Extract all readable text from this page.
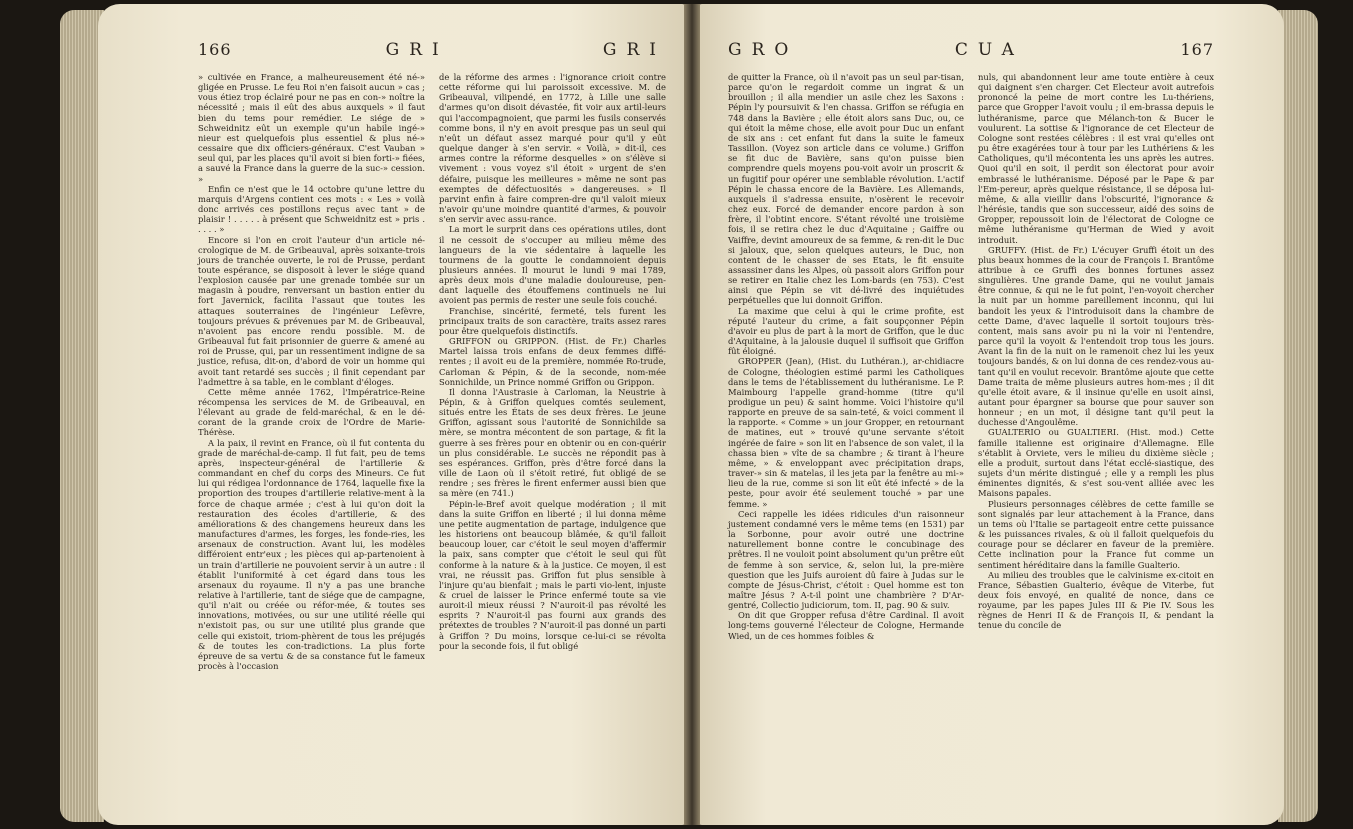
166	GRI	GRI

» cultivée en France, a malheureusement été né-» gligée en Prusse. Le feu Roi n'en faisoit aucun » cas ; vous étiez trop éclairé pour ne pas en con-» noître la nécessité ; mais il eût des abus auxquels » il faut bien du tems pour remédier. Le siége de » Schweidnitz eût un exemple qu'un habile ingé-» nieur est quelquefois plus essentiel & plus né-» cessaire que dix officiers-généraux. C'est Vauban » seul qui, par les places qu'il avoit si bien forti-» fiées, a sauvé la France dans la guerre de la suc-» cession. »

Enfin ce n'est que le 14 octobre qu'une lettre du marquis d'Argens contient ces mots : « Les » voilà donc arrivés ces postillons reçus avec tant » de plaisir ! . . . . . à présent que Schweidnitz est » pris . . . . . »

Encore si l'on en croit l'auteur d'un article né-crologique de M. de Gribeauval, après soixante-trois jours de tranchée ouverte, le roi de Prusse, perdant toute espérance, se disposoit à lever le siége quand l'explosion causée par une grenade tombée sur un magasin à poudre, renversant un bastion entier du fort Javernick, facilita l'assaut que toutes les attaques souterraines de l'ingénieur Lefèvre, toujours prévues & prévenues par M. de Gribeauval, n'avoient pas encore rendu possible. M. de Gribeauval fut fait prisonnier de guerre & amené au roi de Prusse, qui, par un ressentiment indigne de sa justice, refusa, dit-on, d'abord de voir un homme qui avoit tant retardé ses succès ; il finit cependant par l'admettre à sa table, en le comblant d'éloges.

Cette même année 1762, l'Impératrice-Reine récompensa les services de M. de Gribeauval, en l'élevant au grade de feld-maréchal, & en le dé-corant de la grande croix de l'Ordre de Marie-Thérèse.

A la paix, il revint en France, où il fut contenta du grade de maréchal-de-camp. Il fut fait, peu de tems après, inspecteur-général de l'artillerie & commandant en chef du corps des Mineurs. Ce fut lui qui rédigea l'ordonnance de 1764, laquelle fixe la proportion des troupes d'artillerie relative-ment à la force de chaque armée ; c'est à lui qu'on doit la restauration des écoles d'artillerie, & des améliorations & des changemens heureux dans les manufactures d'armes, les forges, les fonde-ries, les arsenaux de construction. Avant lui, les modèles différoient entr'eux ; les pièces qui ap-partenoient à un train d'artillerie ne pouvoient servir à un autre : il établit l'uniformité à cet égard dans tous les arsenaux du royaume. Il n'y a pas une branche relative à l'artillerie, tant de siége que de campagne, qu'il n'ait ou créée ou réfor-mée, & toutes ses innovations, motivées, ou sur une utilité réelle qui n'existoit pas, ou sur une utilité plus grande que celle qui existoit, triom-phèrent de tous les préjugés & de toutes les con-tradictions. La plus forte épreuve de sa vertu & de sa constance fut le fameux procès à l'occasion

de la réforme des armes : l'ignorance crioit contre cette réforme qui lui paroissoit excessive. M. de Gribeauval, vilipendé, en 1772, à Lille une salle d'armes qu'on disoit dévastée, fit voir aux artil-leurs qui l'accompagnoient, que parmi les fusils conservés comme bons, il n'y en avoit presque pas un seul qui n'eût un défaut assez marqué pour qu'il y eût quelque danger à s'en servir. « Voilà, » dit-il, ces armes contre la réforme desquelles » on s'élève si vivement : vous voyez s'il étoit » urgent de s'en défaire, puisque les meilleures » même ne sont pas exemptes de défectuosités » dangereuses. » Il parvint enfin à faire compren-dre qu'il valoit mieux n'avoir qu'une moindre quantité d'armes, & pouvoir s'en servir avec assu-rance.

La mort le surprit dans ces opérations utiles, dont il ne cessoit de s'occuper au milieu même des langueurs de la vie sédentaire à laquelle les tourmens de la goutte le condamnoient depuis plusieurs années. Il mourut le lundi 9 mai 1789, après deux mois d'une maladie douloureuse, pen-dant laquelle des étouffemens continuels ne lui avoient pas permis de rester une seule fois couché.

Franchise, sincérité, fermeté, tels furent les principaux traits de son caractère, traits assez rares pour être quelquefois distinctifs.

GRIFFON ou GRIPPON. (Hist. de Fr.) Charles Martel laissa trois enfans de deux femmes diffé-rentes ; il avoit eu de la première, nommée Ro-trude, Carloman & Pépin, & de la seconde, nom-mée Sonnichilde, un Prince nommé Griffon ou Grippon.

Il donna l'Austrasie à Carloman, la Neustrie à Pépin, & à Griffon quelques comtés seulement, situés entre les États de ses deux frères. Le jeune Griffon, agissant sous l'autorité de Sonnichilde sa mère, se montra mécontent de son partage, & fit la guerre à ses frères pour en obtenir ou en con-quérir un plus considérable. Le succès ne répondit pas à ses espérances. Griffon, près d'être forcé dans la ville de Laon où il s'étoit retiré, fut obligé de se rendre ; ses frères le firent enfermer aussi bien que sa mère (en 741.)

Pépin-le-Bref avoit quelque modération ; il mit dans la suite Griffon en liberté ; il lui donna même une petite augmentation de partage, indulgence que les historiens ont beaucoup blâmée, & qu'il falloit beaucoup louer, car c'étoit le seul moyen d'affermir la paix, sans compter que c'étoit le seul qui fût conforme à la nature & à la justice. Ce moyen, il est vrai, ne réussit pas. Griffon fut plus sensible à l'injure qu'au bienfait ; mais le parti vio-lent, injuste & cruel de laisser le Prince enfermé toute sa vie auroit-il mieux réussi ? N'auroit-il pas révolté les esprits ? N'auroit-il pas fourni aux grands des prétextes de troubles ? N'auroit-il pas donné un parti à Griffon ? Du moins, lorsque ce-lui-ci se révolta pour la seconde fois, il fut obligé

GRO	CUA	167

de quitter la France, où il n'avoit pas un seul par-tisan, parce qu'on le regardoit comme un ingrat & un brouillon ; il alla mendier un asile chez les Saxons : Pépin l'y poursuivit & l'en chassa. Griffon se réfugia en 748 dans la Bavière ; elle étoit alors sans Duc, ou, ce qui étoit la même chose, elle avoit pour Duc un enfant de six ans : cet enfant fut dans la suite le fameux Tassillon. (Voyez son article dans ce volume.) Griffon se fit duc de Bavière, sans qu'on puisse bien comprendre quels moyens pou-voit avoir un proscrit & un fugitif pour opérer une semblable révolution. L'actif Pépin le chassa encore de la Bavière. Les Allemands, auxquels il s'adressa ensuite, n'osèrent le recevoir chez eux. Forcé de demander encore pardon à son frère, il l'obtint encore. S'étant révolté une troisième fois, il se retira chez le duc d'Aquitaine ; Gaiffre ou Vaiffre, devint amoureux de sa femme, & ren-dit le Duc si jaloux, que, selon quelques auteurs, le Duc, non content de le chasser de ses Etats, le fit ensuite assassiner dans les Alpes, où passoit alors Griffon pour se retirer en Italie chez les Lom-bards (en 753). C'est ainsi que Pépin se vit dé-livré des inquiétudes perpétuelles que lui donnoit Griffon.

La maxime que celui à qui le crime profite, est réputé l'auteur du crime, a fait soupçonner Pépin d'avoir eu plus de part à la mort de Griffon, que le duc d'Aquitaine, à la jalousie duquel il suffisoit que Griffon fût éloigné.

GROPPER (Jean), (Hist. du Luthéran.), ar-chidiacre de Cologne, théologien estimé parmi les Catholiques dans le tems de l'établissement du luthéranisme. Le P. Maimbourg l'appelle grand-homme (titre qu'il prodigue un peu) & saint homme. Voici l'histoire qu'il rapporte en preuve de sa sain-teté, & voici comment il la rapporte. « Comme » un jour Gropper, en retournant de matines, eut » trouvé qu'une servante s'étoit ingérée de faire » son lit en l'absence de son valet, il la chassa bien » vîte de sa chambre ; & tirant à l'heure même, » & enveloppant avec précipitation draps, traver-» sin & matelas, il les jeta par la fenêtre au mi-» lieu de la rue, comme si son lit eût été infecté » de la peste, pour avoir été seulement touché » par une femme. »

Ceci rappelle les idées ridicules d'un raisonneur justement condamné vers le même tems (en 1531) par la Sorbonne, pour avoir outré une doctrine naturellement bonne contre le concubinage des prêtres. Il ne vouloit point absolument qu'un prêtre eût de femme à son service, &, selon lui, la pre-mière question que les Juifs auroient dû faire à Judas sur le compte de Jésus-Christ, c'étoit : Quel homme est ton maître Jésus ? A-t-il point une chambrière ? D'Ar-gentré, Collectio judiciorum, tom. II, pag. 90 & suiv.

On dit que Gropper refusa d'être Cardinal. Il avoit long-tems gouverné l'électeur de Cologne, Hermande Wied, un de ces hommes foibles &

nuls, qui abandonnent leur ame toute entière à ceux qui daignent s'en charger. Cet Electeur avoit autrefois prononcé la peine de mort contre les Lu-thériens, parce que Gropper l'avoit voulu ; il em-brassa depuis le luthéranisme, parce que Mélanch-ton & Bucer le voulurent. La sottise & l'ignorance de cet Electeur de Cologne sont restées célèbres : il est vrai qu'elles ont pu être exagérées tour à tour par les Luthériens & les Catholiques, qu'il mécontenta les uns après les autres. Quoi qu'il en soit, il perdit son électorat pour avoir embrassé le luthéranisme. Déposé par le Pape & par l'Em-pereur, après quelque résistance, il se déposa lui-même, & alla vieillir dans l'obscurité, l'ignorance & l'hérésie, tandis que son successeur, aidé des soins de Gropper, repoussoit loin de l'électorat de Cologne ce même luthéranisme qu'Herman de Wied y avoit introduit.

GRUFFY. (Hist. de Fr.) L'écuyer Gruffi étoit un des plus beaux hommes de la cour de François I. Brantôme attribue à ce Gruffi des bonnes fortunes assez singulières. Une grande Dame, qui ne voulut jamais être connue, & qui ne le fut point, l'en-voyoit chercher la nuit par un homme pareillement inconnu, qui lui bandoit les yeux & l'introduisoit dans la chambre de cette Dame, d'avec laquelle il sortoit toujours très-content, mais sans avoir pu ni la voir ni l'entendre, parce qu'il la voyoit & l'entendoit trop tous les jours. Avant la fin de la nuit on le ramenoit chez lui les yeux toujours bandés, & on lui donna de ces rendez-vous au-tant qu'il en voulut recevoir. Brantôme ajoute que cette Dame traita de même plusieurs autres hom-mes ; il dit qu'elle étoit avare, & il insinue qu'elle en usoit ainsi, autant pour épargner sa bourse que pour sauver son honneur ; en un mot, il désigne tant qu'il peut la duchesse d'Angoulême.

GUALTERIO ou GUALTIERI. (Hist. mod.) Cette famille italienne est originaire d'Allemagne. Elle s'établit à Orviete, vers le milieu du dixième siècle ; elle a produit, surtout dans l'état ecclé-siastique, des sujets d'un mérite distingué ; elle y a rempli les plus éminentes dignités, & s'est sou-vent alliée avec les Maisons papales.

Plusieurs personnages célèbres de cette famille se sont signalés par leur attachement à la France, dans un tems où l'Italie se partageoit entre cette puissance & les puissances rivales, & où il falloit quelquefois du courage pour se déclarer en faveur de la première. Cette inclination pour la France fut comme un sentiment héréditaire dans la famille Gualterio.

Au milieu des troubles que le calvinisme ex-citoit en France, Sébastien Gualterio, évêque de Viterbe, fut deux fois envoyé, en qualité de nonce, dans ce royaume, par les papes Jules III & Pie IV. Sous les règnes de Henri II & de François II, & pendant la tenue du concile de
